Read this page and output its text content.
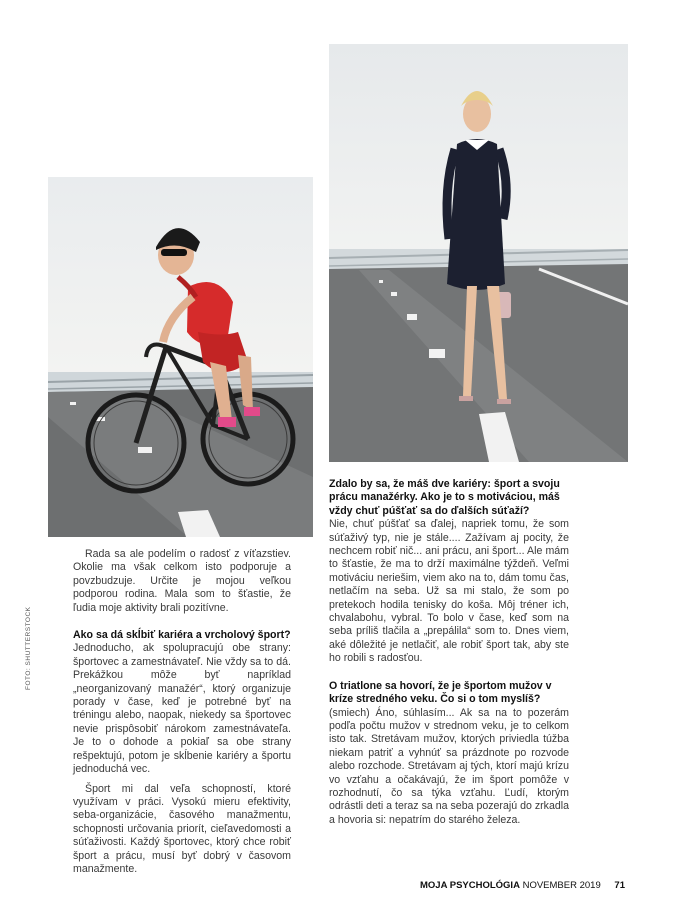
FOTO: SHUTTERSTOCK

Rada sa ale podelím o radosť z víťazstiev. Okolie ma však celkom isto podporuje a povzbudzuje. Určite je mojou veľkou podporou rodina. Mala som to šťastie, že ľudia moje aktivity brali pozitívne.

Ako sa dá skĺbiť kariéra a vrcholový šport?

Jednoducho, ak spolupracujú obe strany: športovec a zamestnávateľ. Nie vždy sa to dá. Prekážkou môže byť napríklad „neorganizovaný manažér“, ktorý organizuje porady v čase, keď je potrebné byť na tréningu alebo, naopak, niekedy sa športovec nevie prispôsobiť nárokom zamestnávateľa. Je to o dohode a pokiaľ sa obe strany rešpektujú, potom je skĺbenie kariéry a športu jednoduchá vec.

Šport mi dal veľa schopností, ktoré využívam v práci. Vysokú mieru efektivity, seba-organizácie, časového manažmentu, schopnosti určovania priorít, cieľavedomosti a súťaživosti. Každý športovec, ktorý chce robiť šport a prácu, musí byť dobrý v časovom manažmente.

Zdalo by sa, že máš dve kariéry: šport a svoju prácu manažérky. Ako je to s motiváciou, máš vždy chuť púšťať sa do ďalších súťaží?

Nie, chuť púšťať sa ďalej, napriek tomu, že som súťaživý typ, nie je stále.... Zažívam aj pocity, že nechcem robiť nič... ani prácu, ani šport... Ale mám to šťastie, že ma to drží maximálne týždeň. Veľmi motiváciu neriešim, viem ako na to, dám tomu čas, netlačím na seba. Už sa mi stalo, že som po pretekoch hodila tenisky do koša. Môj tréner ich, chvalabohu, vybral. To bolo v čase, keď som na seba príliš tlačila a „prepálila“ som to. Dnes viem, aké dôležité je netlačiť, ale robiť šport tak, aby ste ho robili s radosťou.

O triatlone sa hovorí, že je športom mužov v kríze stredného veku. Čo si o tom myslíš?

(smiech) Áno, súhlasím... Ak sa na to pozerám podľa počtu mužov v strednom veku, je to celkom isto tak. Stretávam mužov, ktorých priviedla túžba niekam patriť a vyhnúť sa prázdnote po rozvode alebo rozchode. Stretávam aj tých, ktorí majú krízu vo vzťahu a očakávajú, že im šport pomôže v rozhodnutí, čo sa týka vzťahu. Ľudí, ktorým odrástli deti a teraz sa na seba pozerajú do zrkadla a hovoria si: nepatrím do starého železa.

MOJA PSYCHOLÓGIA NOVEMBER 2019 71
